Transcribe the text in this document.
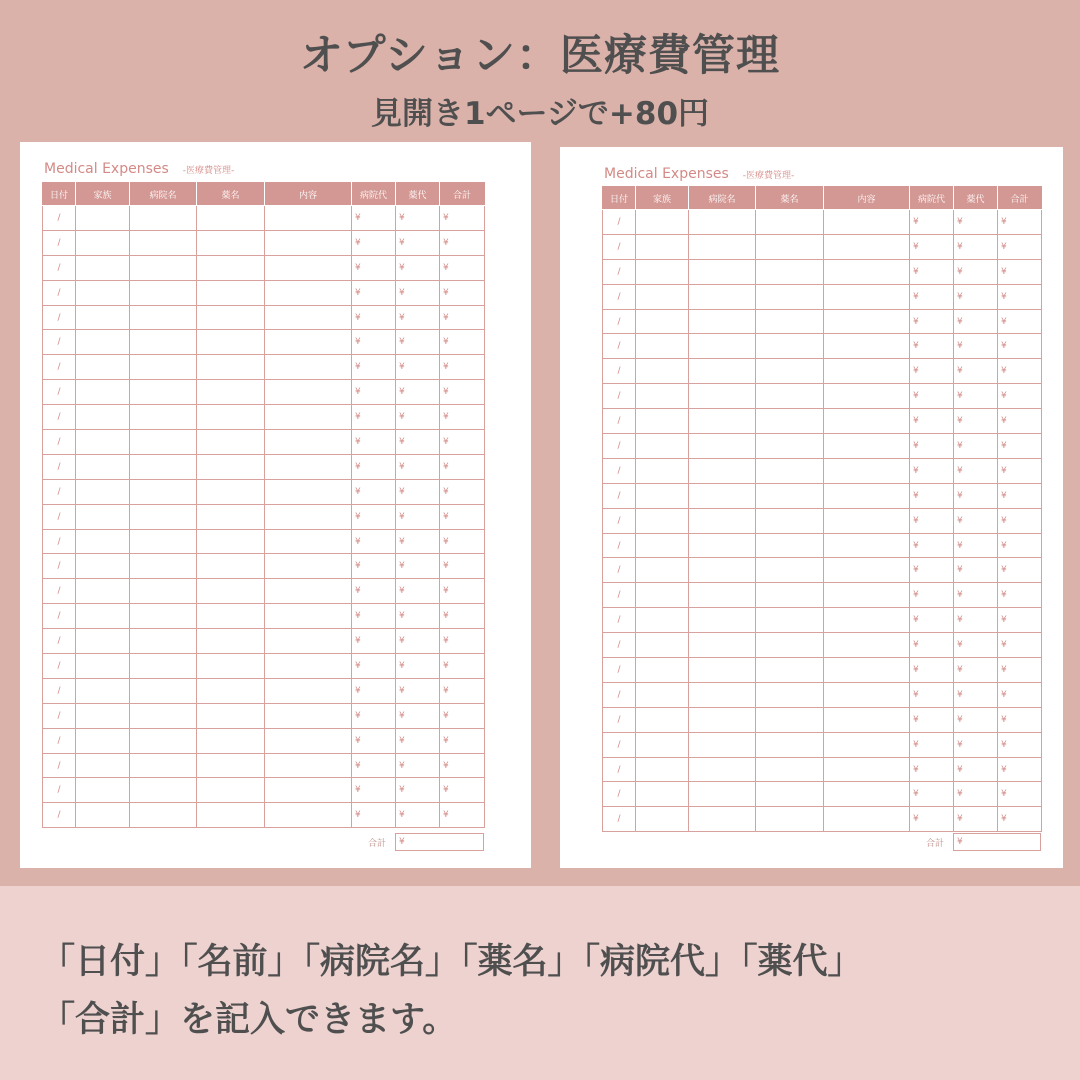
オプション：医療費管理
見開き1ページで+80円
Medical Expenses -医療費管理-
日付	家族	病院名	薬名	内容	病院代	薬代	合計
/					¥	¥	¥
/					¥	¥	¥
/					¥	¥	¥
/					¥	¥	¥
/					¥	¥	¥
/					¥	¥	¥
/					¥	¥	¥
/					¥	¥	¥
/					¥	¥	¥
/					¥	¥	¥
/					¥	¥	¥
/					¥	¥	¥
/					¥	¥	¥
/					¥	¥	¥
/					¥	¥	¥
/					¥	¥	¥
/					¥	¥	¥
/					¥	¥	¥
/					¥	¥	¥
/					¥	¥	¥
/					¥	¥	¥
/					¥	¥	¥
/					¥	¥	¥
/					¥	¥	¥
/					¥	¥	¥
合計	¥
Medical Expenses -医療費管理-
日付	家族	病院名	薬名	内容	病院代	薬代	合計
/					¥	¥	¥
/					¥	¥	¥
/					¥	¥	¥
/					¥	¥	¥
/					¥	¥	¥
/					¥	¥	¥
/					¥	¥	¥
/					¥	¥	¥
/					¥	¥	¥
/					¥	¥	¥
/					¥	¥	¥
/					¥	¥	¥
/					¥	¥	¥
/					¥	¥	¥
/					¥	¥	¥
/					¥	¥	¥
/					¥	¥	¥
/					¥	¥	¥
/					¥	¥	¥
/					¥	¥	¥
/					¥	¥	¥
/					¥	¥	¥
/					¥	¥	¥
/					¥	¥	¥
/					¥	¥	¥
合計	¥
「日付」「名前」「病院名」「薬名」「病院代」「薬代」
「合計」を記入できます。
